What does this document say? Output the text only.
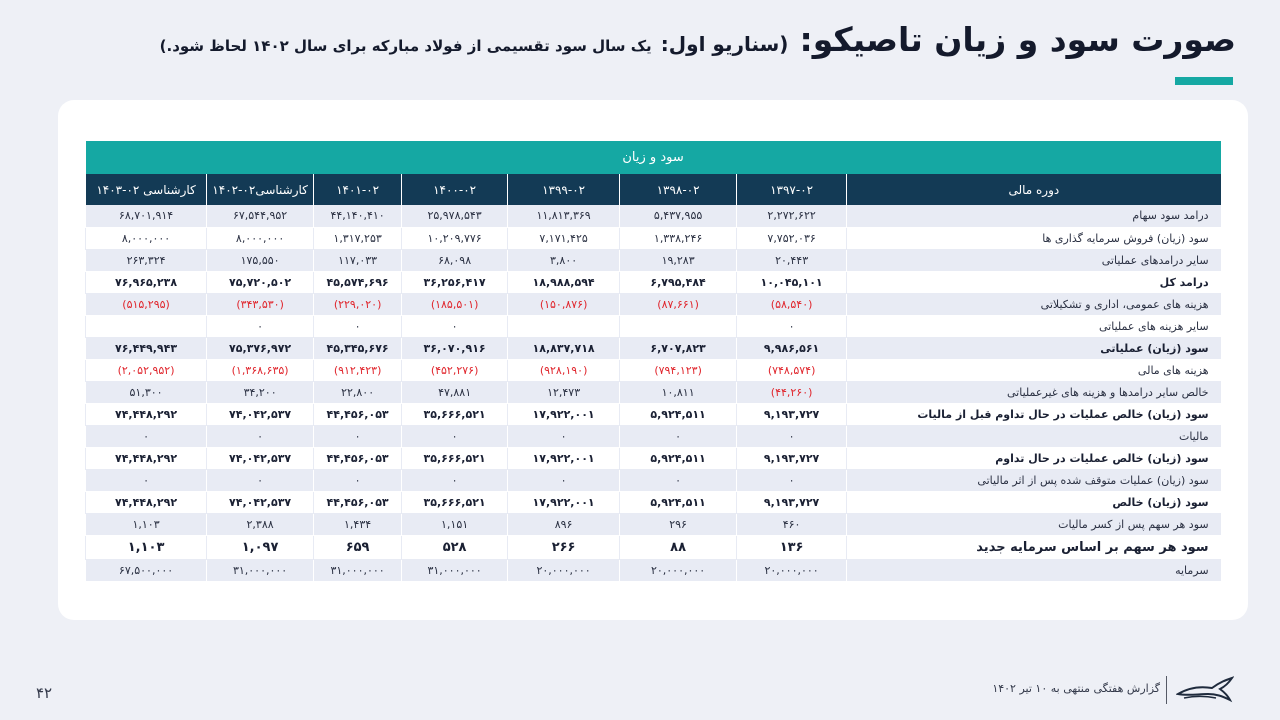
صورت سود و زیان تاصیکو: (سناریو اول: یک سال سود تقسیمی از فولاد مبارکه برای سال ۱۴۰۲ لحاظ شود.)
سود و زیان							
دوره مالی	۱۳۹۷-۰۲	۱۳۹۸-۰۲	۱۳۹۹-۰۲	۱۴۰۰-۰۲	۱۴۰۱-۰۲	کارشناسی۰۲-۱۴۰۲	کارشناسی ۰۲-۱۴۰۳
درامد سود سهام	۲,۲۷۲,۶۲۲	۵,۴۳۷,۹۵۵	۱۱,۸۱۳,۳۶۹	۲۵,۹۷۸,۵۴۳	۴۴,۱۴۰,۴۱۰	۶۷,۵۴۴,۹۵۲	۶۸,۷۰۱,۹۱۴
سود (زیان) فروش سرمایه گذاری ها	۷,۷۵۲,۰۳۶	۱,۳۳۸,۲۴۶	۷,۱۷۱,۴۲۵	۱۰,۲۰۹,۷۷۶	۱,۳۱۷,۲۵۳	۸,۰۰۰,۰۰۰	۸,۰۰۰,۰۰۰
سایر درامدهای عملیاتی	۲۰,۴۴۳	۱۹,۲۸۳	۳,۸۰۰	۶۸,۰۹۸	۱۱۷,۰۳۳	۱۷۵,۵۵۰	۲۶۳,۳۲۴
درامد کل	۱۰,۰۴۵,۱۰۱	۶,۷۹۵,۴۸۴	۱۸,۹۸۸,۵۹۴	۳۶,۲۵۶,۴۱۷	۴۵,۵۷۴,۶۹۶	۷۵,۷۲۰,۵۰۲	۷۶,۹۶۵,۲۳۸
هزینه های عمومی، اداری و تشکیلاتی	(۵۸,۵۴۰)	(۸۷,۶۶۱)	(۱۵۰,۸۷۶)	(۱۸۵,۵۰۱)	(۲۲۹,۰۲۰)	(۳۴۳,۵۳۰)	(۵۱۵,۲۹۵)
سایر هزینه های عملیاتی	۰			۰	۰	۰	
سود (زیان) عملیاتی	۹,۹۸۶,۵۶۱	۶,۷۰۷,۸۲۳	۱۸,۸۳۷,۷۱۸	۳۶,۰۷۰,۹۱۶	۴۵,۳۴۵,۶۷۶	۷۵,۳۷۶,۹۷۲	۷۶,۴۴۹,۹۴۳
هزینه های مالی	(۷۴۸,۵۷۴)	(۷۹۴,۱۲۳)	(۹۲۸,۱۹۰)	(۴۵۲,۲۷۶)	(۹۱۲,۴۲۳)	(۱,۳۶۸,۶۳۵)	(۲,۰۵۲,۹۵۲)
خالص سایر درامدها و هزینه های غیرعملیاتی	(۴۴,۲۶۰)	۱۰,۸۱۱	۱۲,۴۷۳	۴۷,۸۸۱	۲۲,۸۰۰	۳۴,۲۰۰	۵۱,۳۰۰
سود (زیان) خالص عملیات در حال تداوم قبل از مالیات	۹,۱۹۳,۷۲۷	۵,۹۲۴,۵۱۱	۱۷,۹۲۲,۰۰۱	۳۵,۶۶۶,۵۲۱	۴۴,۴۵۶,۰۵۳	۷۴,۰۴۲,۵۳۷	۷۴,۴۴۸,۲۹۲
مالیات	۰	۰	۰	۰	۰	۰	۰
سود (زیان) خالص عملیات در حال تداوم	۹,۱۹۳,۷۲۷	۵,۹۲۴,۵۱۱	۱۷,۹۲۲,۰۰۱	۳۵,۶۶۶,۵۲۱	۴۴,۴۵۶,۰۵۳	۷۴,۰۴۲,۵۳۷	۷۴,۴۴۸,۲۹۲
سود (زیان) عملیات متوقف شده پس از اثر مالیاتی	۰	۰	۰	۰	۰	۰	۰
سود (زیان) خالص	۹,۱۹۳,۷۲۷	۵,۹۲۴,۵۱۱	۱۷,۹۲۲,۰۰۱	۳۵,۶۶۶,۵۲۱	۴۴,۴۵۶,۰۵۳	۷۴,۰۴۲,۵۳۷	۷۴,۴۴۸,۲۹۲
سود هر سهم پس از کسر مالیات	۴۶۰	۲۹۶	۸۹۶	۱,۱۵۱	۱,۴۳۴	۲,۳۸۸	۱,۱۰۳
سود هر سهم بر اساس سرمایه جدید	۱۳۶	۸۸	۲۶۶	۵۲۸	۶۵۹	۱,۰۹۷	۱,۱۰۳
سرمایه	۲۰,۰۰۰,۰۰۰	۲۰,۰۰۰,۰۰۰	۲۰,۰۰۰,۰۰۰	۳۱,۰۰۰,۰۰۰	۳۱,۰۰۰,۰۰۰	۳۱,۰۰۰,۰۰۰	۶۷,۵۰۰,۰۰۰
گزارش هفتگی منتهی به ۱۰ تیر ۱۴۰۲
۴۲
